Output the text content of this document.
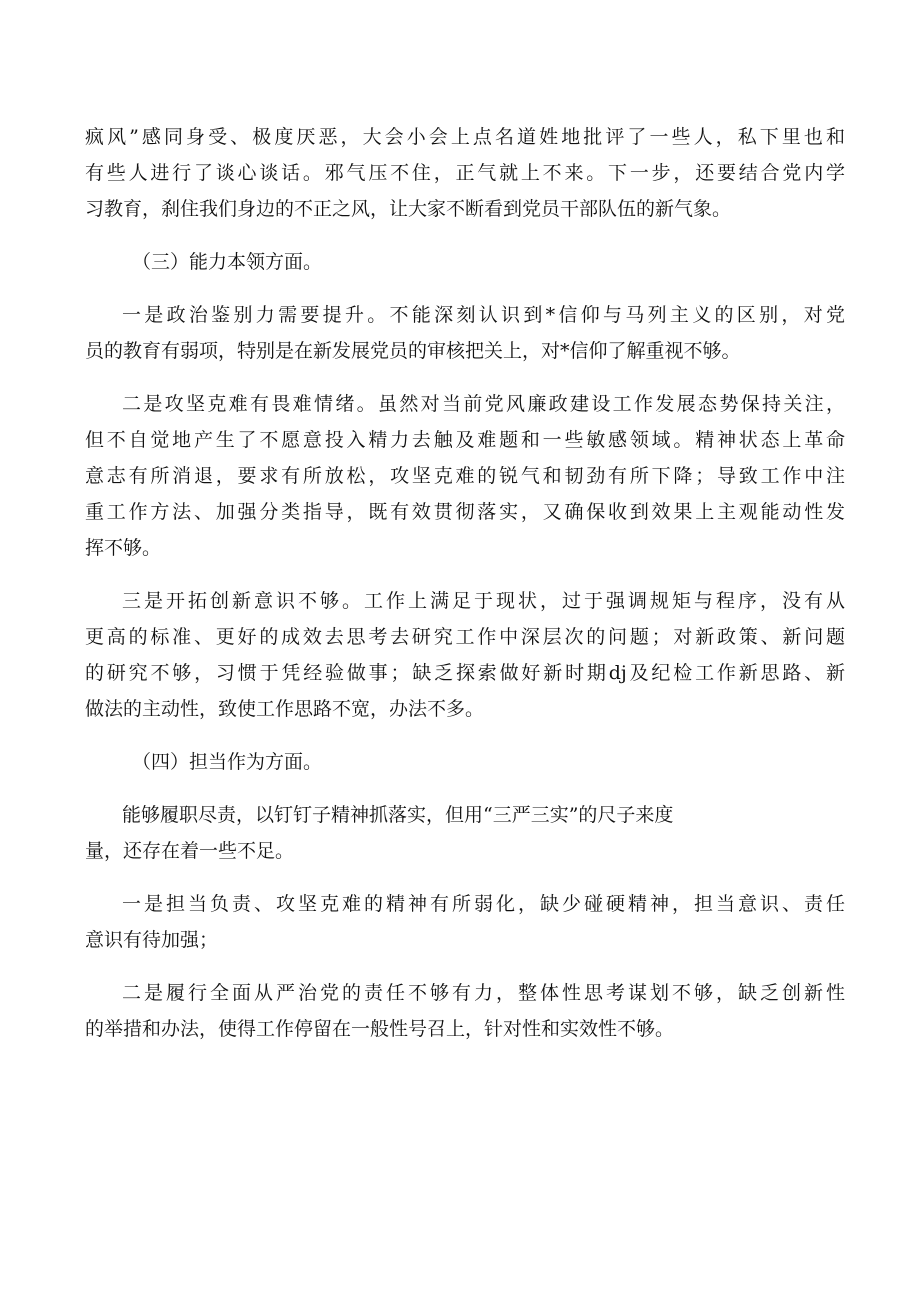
疯风”感同身受、极度厌恶，大会小会上点名道姓地批评了一些人，私下里也和
有些人进行了谈心谈话。邪气压不住，正气就上不来。下一步，还要结合党内学
习教育，刹住我们身边的不正之风，让大家不断看到党员干部队伍的新气象。
（三）能力本领方面。
一是政治鉴别力需要提升。不能深刻认识到*信仰与马列主义的区别，对党
员的教育有弱项，特别是在新发展党员的审核把关上，对*信仰了解重视不够。
二是攻坚克难有畏难情绪。虽然对当前党风廉政建设工作发展态势保持关注，
但不自觉地产生了不愿意投入精力去触及难题和一些敏感领域。精神状态上革命
意志有所消退，要求有所放松，攻坚克难的锐气和韧劲有所下降；导致工作中注
重工作方法、加强分类指导，既有效贯彻落实，又确保收到效果上主观能动性发
挥不够。
三是开拓创新意识不够。工作上满足于现状，过于强调规矩与程序，没有从
更高的标准、更好的成效去思考去研究工作中深层次的问题；对新政策、新问题
的研究不够，习惯于凭经验做事；缺乏探索做好新时期dj及纪检工作新思路、新
做法的主动性，致使工作思路不宽，办法不多。
（四）担当作为方面。
能够履职尽责，以钉钉子精神抓落实，但用“三严三实”的尺子来度
量，还存在着一些不足。
一是担当负责、攻坚克难的精神有所弱化，缺少碰硬精神，担当意识、责任
意识有待加强；
二是履行全面从严治党的责任不够有力，整体性思考谋划不够，缺乏创新性
的举措和办法，使得工作停留在一般性号召上，针对性和实效性不够。
